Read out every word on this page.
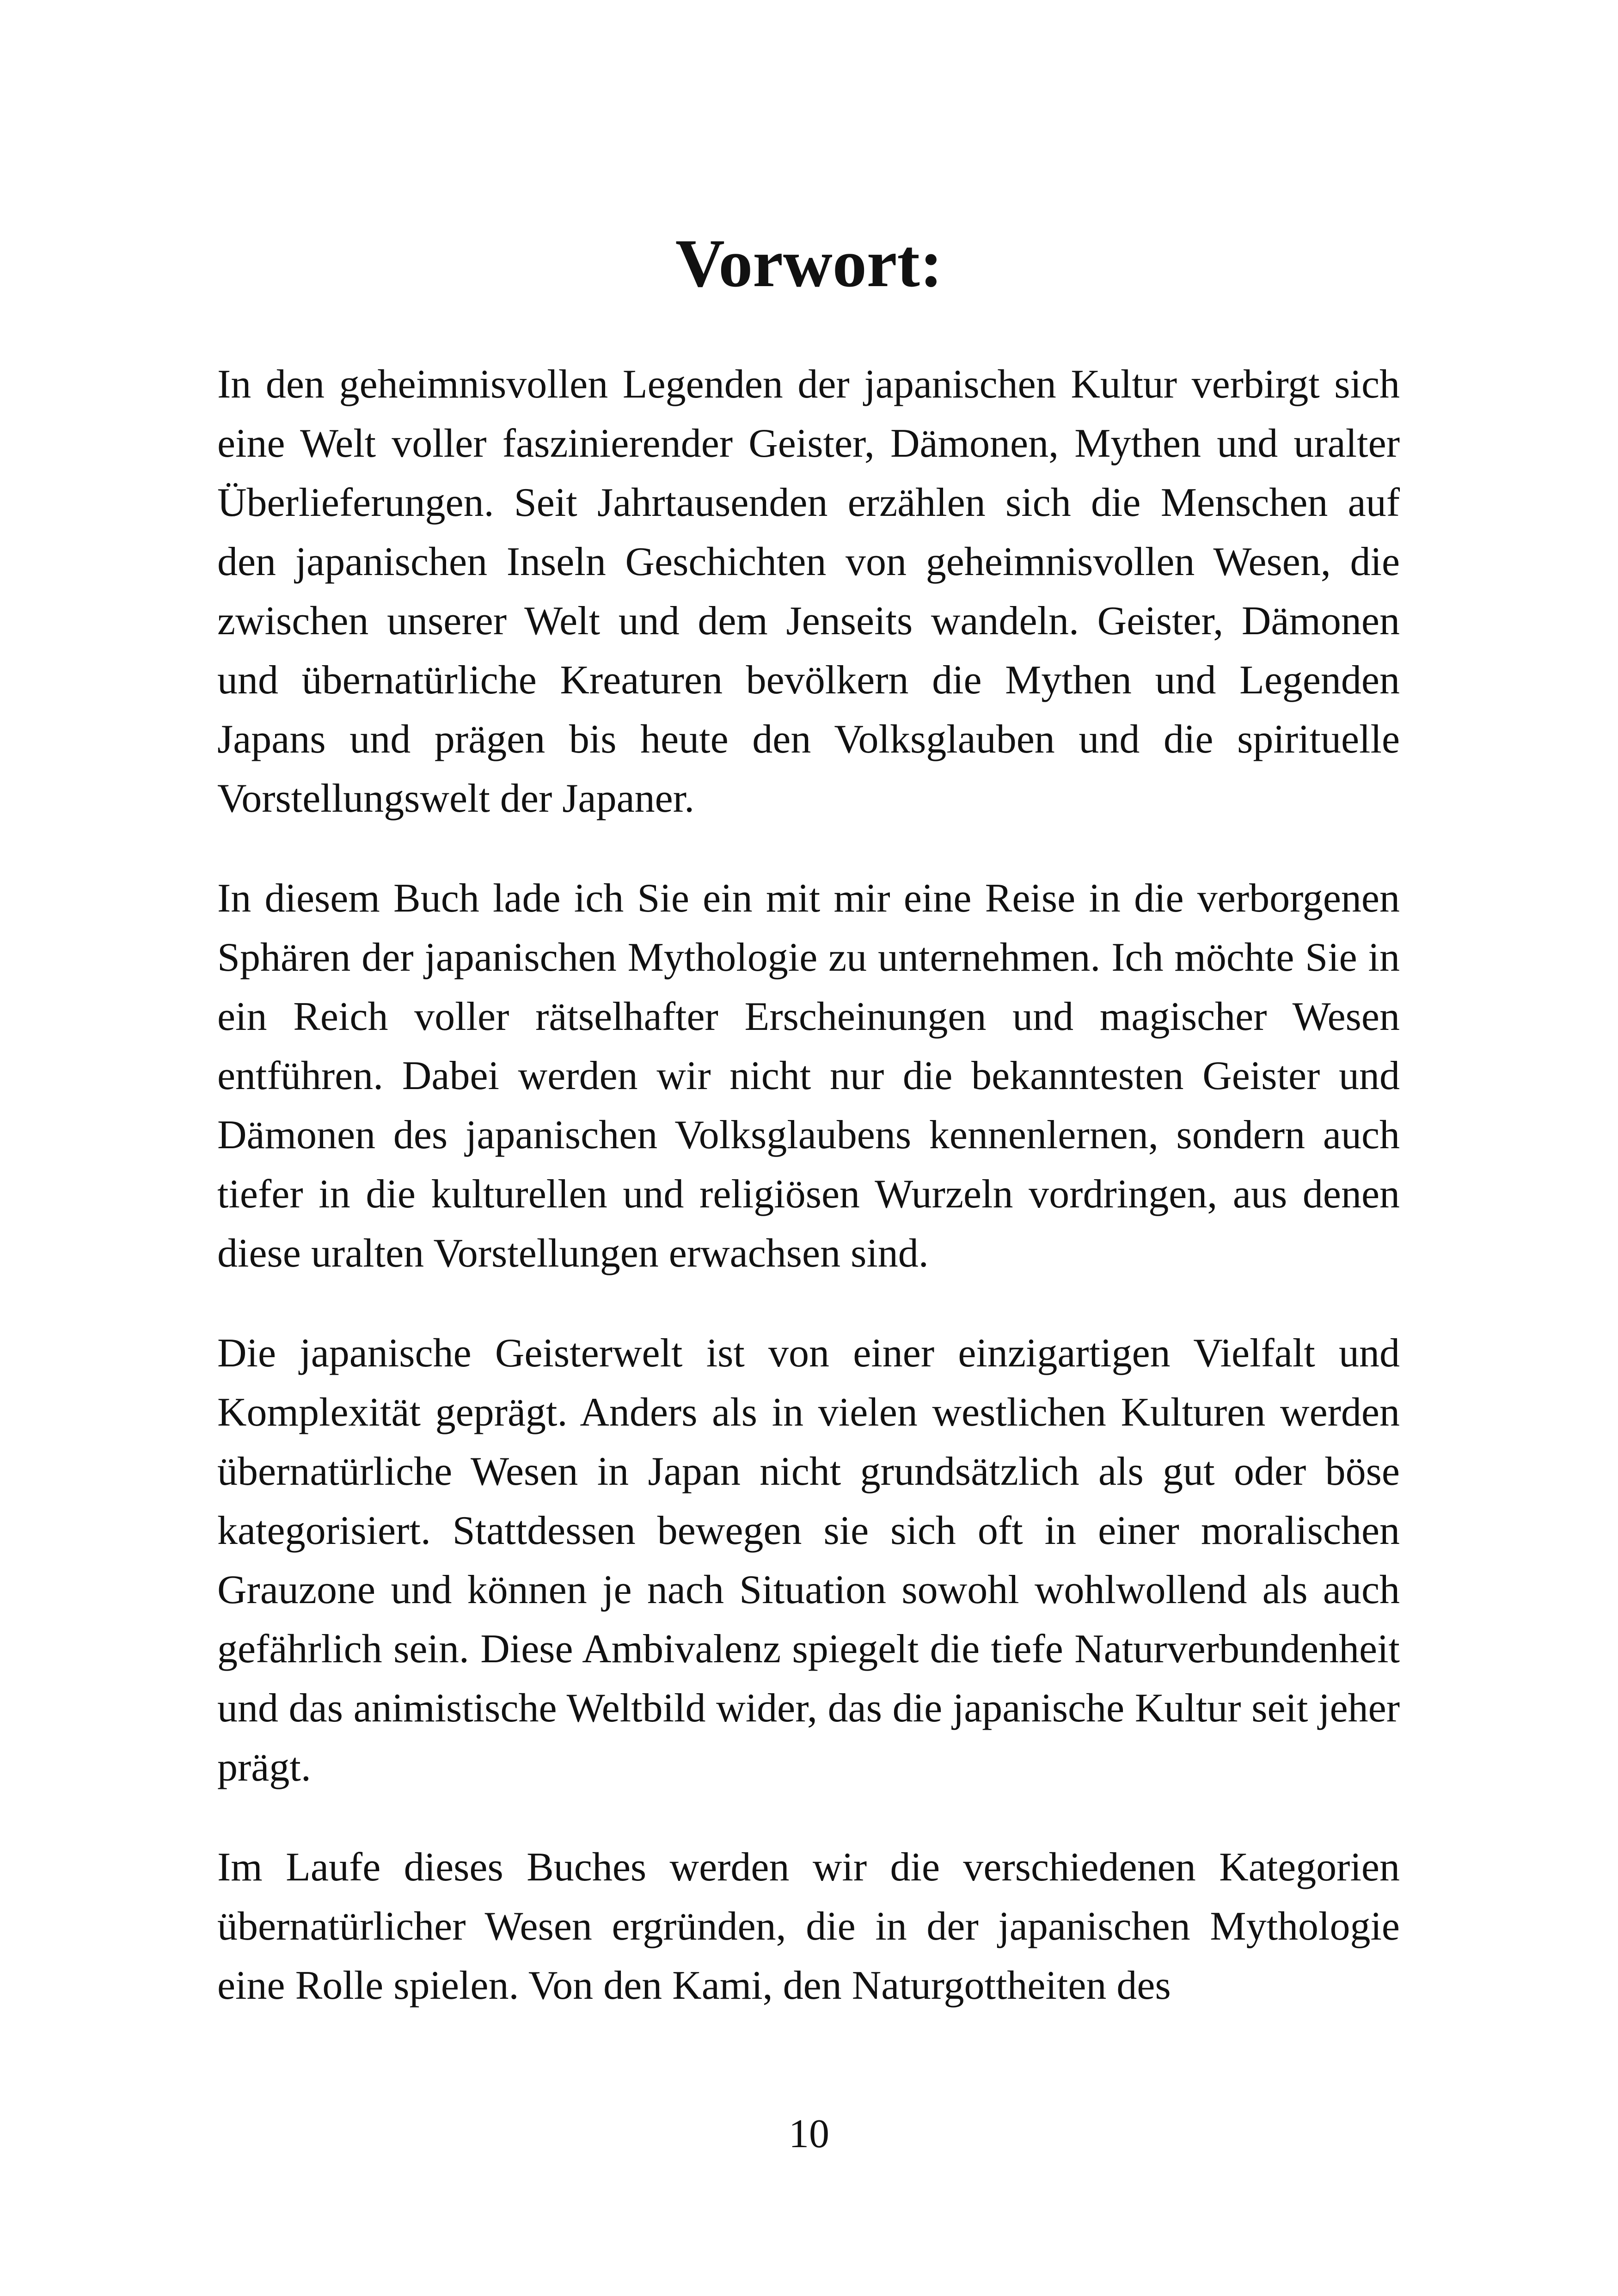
Vorwort:

In den geheimnisvollen Legenden der japanischen Kultur verbirgt sich eine Welt voller faszinierender Geister, Dämonen, Mythen und uralter Überlieferungen. Seit Jahrtausenden erzählen sich die Menschen auf den japanischen Inseln Geschichten von geheimnisvollen Wesen, die zwischen unserer Welt und dem Jenseits wandeln. Geister, Dämonen und übernatürliche Kreaturen bevölkern die Mythen und Legenden Japans und prägen bis heute den Volksglauben und die spirituelle Vorstellungswelt der Japaner.

In diesem Buch lade ich Sie ein mit mir eine Reise in die verborgenen Sphären der japanischen Mythologie zu unternehmen. Ich möchte Sie in ein Reich voller rätselhafter Erscheinungen und magischer Wesen entführen. Dabei werden wir nicht nur die bekanntesten Geister und Dämonen des japanischen Volksglaubens kennenlernen, sondern auch tiefer in die kulturellen und religiösen Wurzeln vordringen, aus denen diese uralten Vorstellungen erwachsen sind.

Die japanische Geisterwelt ist von einer einzigartigen Vielfalt und Komplexität geprägt. Anders als in vielen westlichen Kulturen werden übernatürliche Wesen in Japan nicht grundsätzlich als gut oder böse kategorisiert. Stattdessen bewegen sie sich oft in einer moralischen Grauzone und können je nach Situation sowohl wohlwollend als auch gefährlich sein. Diese Ambivalenz spiegelt die tiefe Naturverbundenheit und das animistische Weltbild wider, das die japanische Kultur seit jeher prägt.

Im Laufe dieses Buches werden wir die verschiedenen Kategorien übernatürlicher Wesen ergründen, die in der japanischen Mythologie eine Rolle spielen. Von den Kami, den Naturgottheiten des

10
